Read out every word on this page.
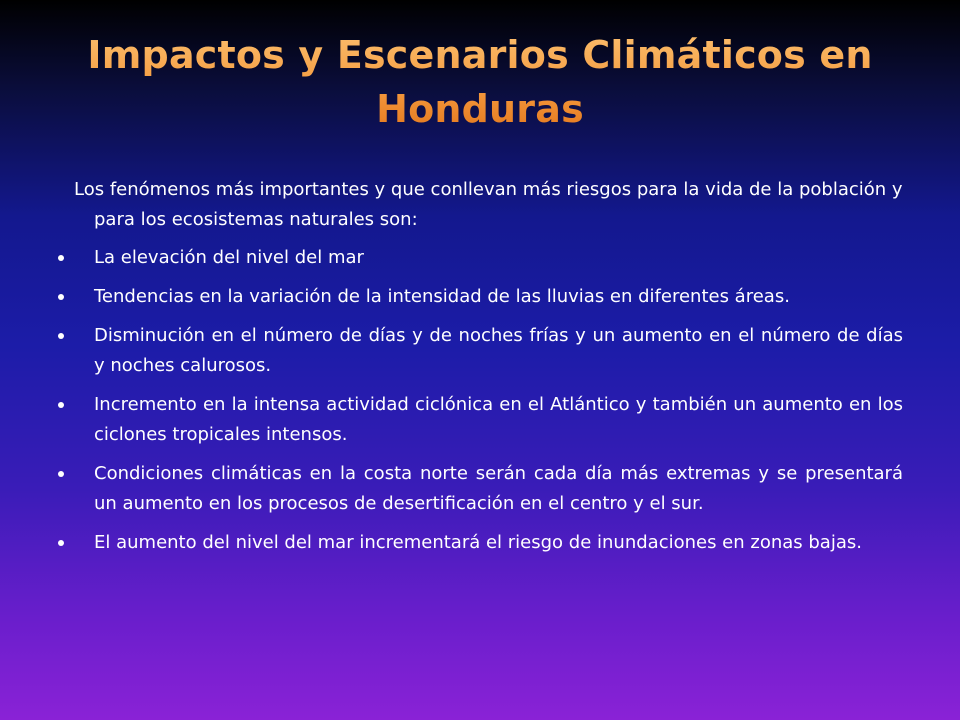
Impactos y Escenarios Climáticos en
Honduras

Los fenómenos más importantes y que conllevan más riesgos para la vida de la población y para los ecosistemas naturales son:

La elevación del nivel del mar
Tendencias en la variación de la intensidad de las lluvias en diferentes áreas.
Disminución en el número de días y de noches frías y un aumento en el número de días y noches calurosos.
Incremento en la intensa actividad ciclónica en el Atlántico y también un aumento en los ciclones tropicales intensos.
Condiciones climáticas en la costa norte serán cada día más extremas y se presentará un aumento en los procesos de desertificación en el centro y el sur.
El aumento del nivel del mar incrementará el riesgo de inundaciones en zonas bajas.
